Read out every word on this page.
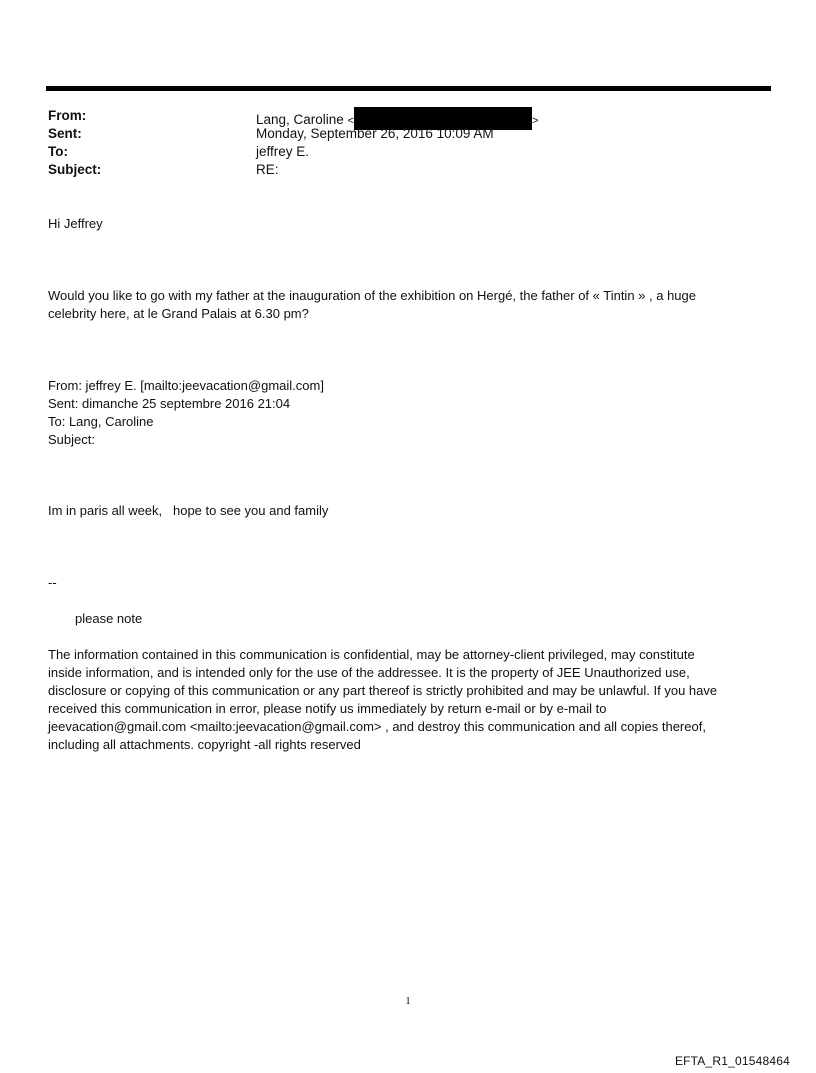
From:	Lang, Caroline <	>
Sent:	Monday, September 26, 2016 10:09 AM
To:	jeffrey E.
Subject:	RE:
Hi Jeffrey
Would you like to go with my father at the inauguration of the exhibition on Hergé, the father of « Tintin » , a huge
celebrity here, at le Grand Palais at 6.30 pm?
From: jeffrey E. [mailto:jeevacation@gmail.com]
Sent: dimanche 25 septembre 2016 21:04
To: Lang, Caroline
Subject:
Im in paris all week,   hope to see you and family
--
please note
The information contained in this communication is confidential, may be attorney-client privileged, may constitute
inside information, and is intended only for the use of the addressee. It is the property of JEE Unauthorized use,
disclosure or copying of this communication or any part thereof is strictly prohibited and may be unlawful. If you have
received this communication in error, please notify us immediately by return e-mail or by e-mail to
jeevacation@gmail.com <mailto:jeevacation@gmail.com> , and destroy this communication and all copies thereof,
including all attachments. copyright -all rights reserved
1
EFTA_R1_01548464
